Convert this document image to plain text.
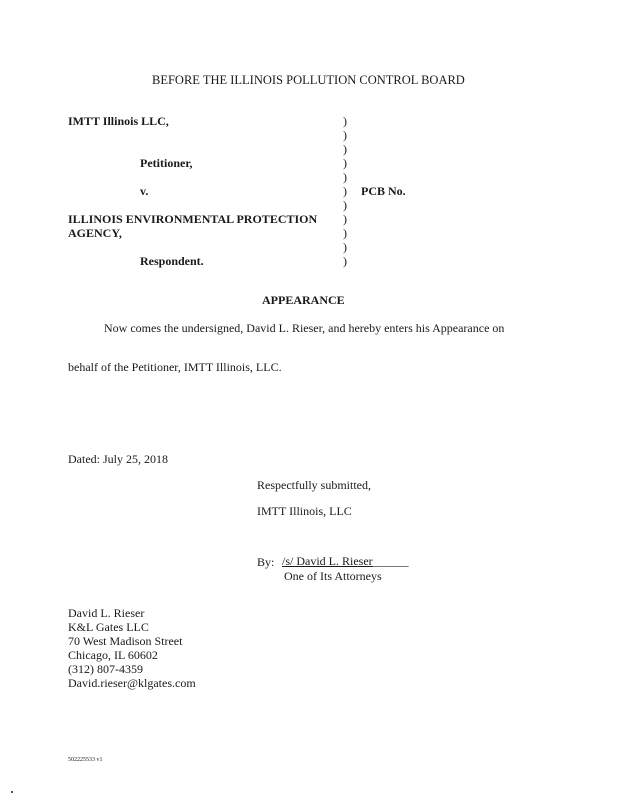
BEFORE THE ILLINOIS POLLUTION CONTROL BOARD
IMTT Illinois LLC,
Petitioner,
v.
ILLINOIS ENVIRONMENTAL PROTECTION
AGENCY,
Respondent.
)
)
)
)
)
)
)
)
)
)
)
PCB No.
APPEARANCE
Now comes the undersigned, David L. Rieser, and hereby enters his Appearance on
behalf of the Petitioner, IMTT Illinois, LLC.
Dated: July 25, 2018
Respectfully submitted,
IMTT Illinois, LLC
By: /s/ David L. Rieser______
One of Its Attorneys
David L. Rieser
K&L Gates LLC
70 West Madison Street
Chicago, IL 60602
(312) 807-4359
David.rieser@klgates.com
502225533 v1
